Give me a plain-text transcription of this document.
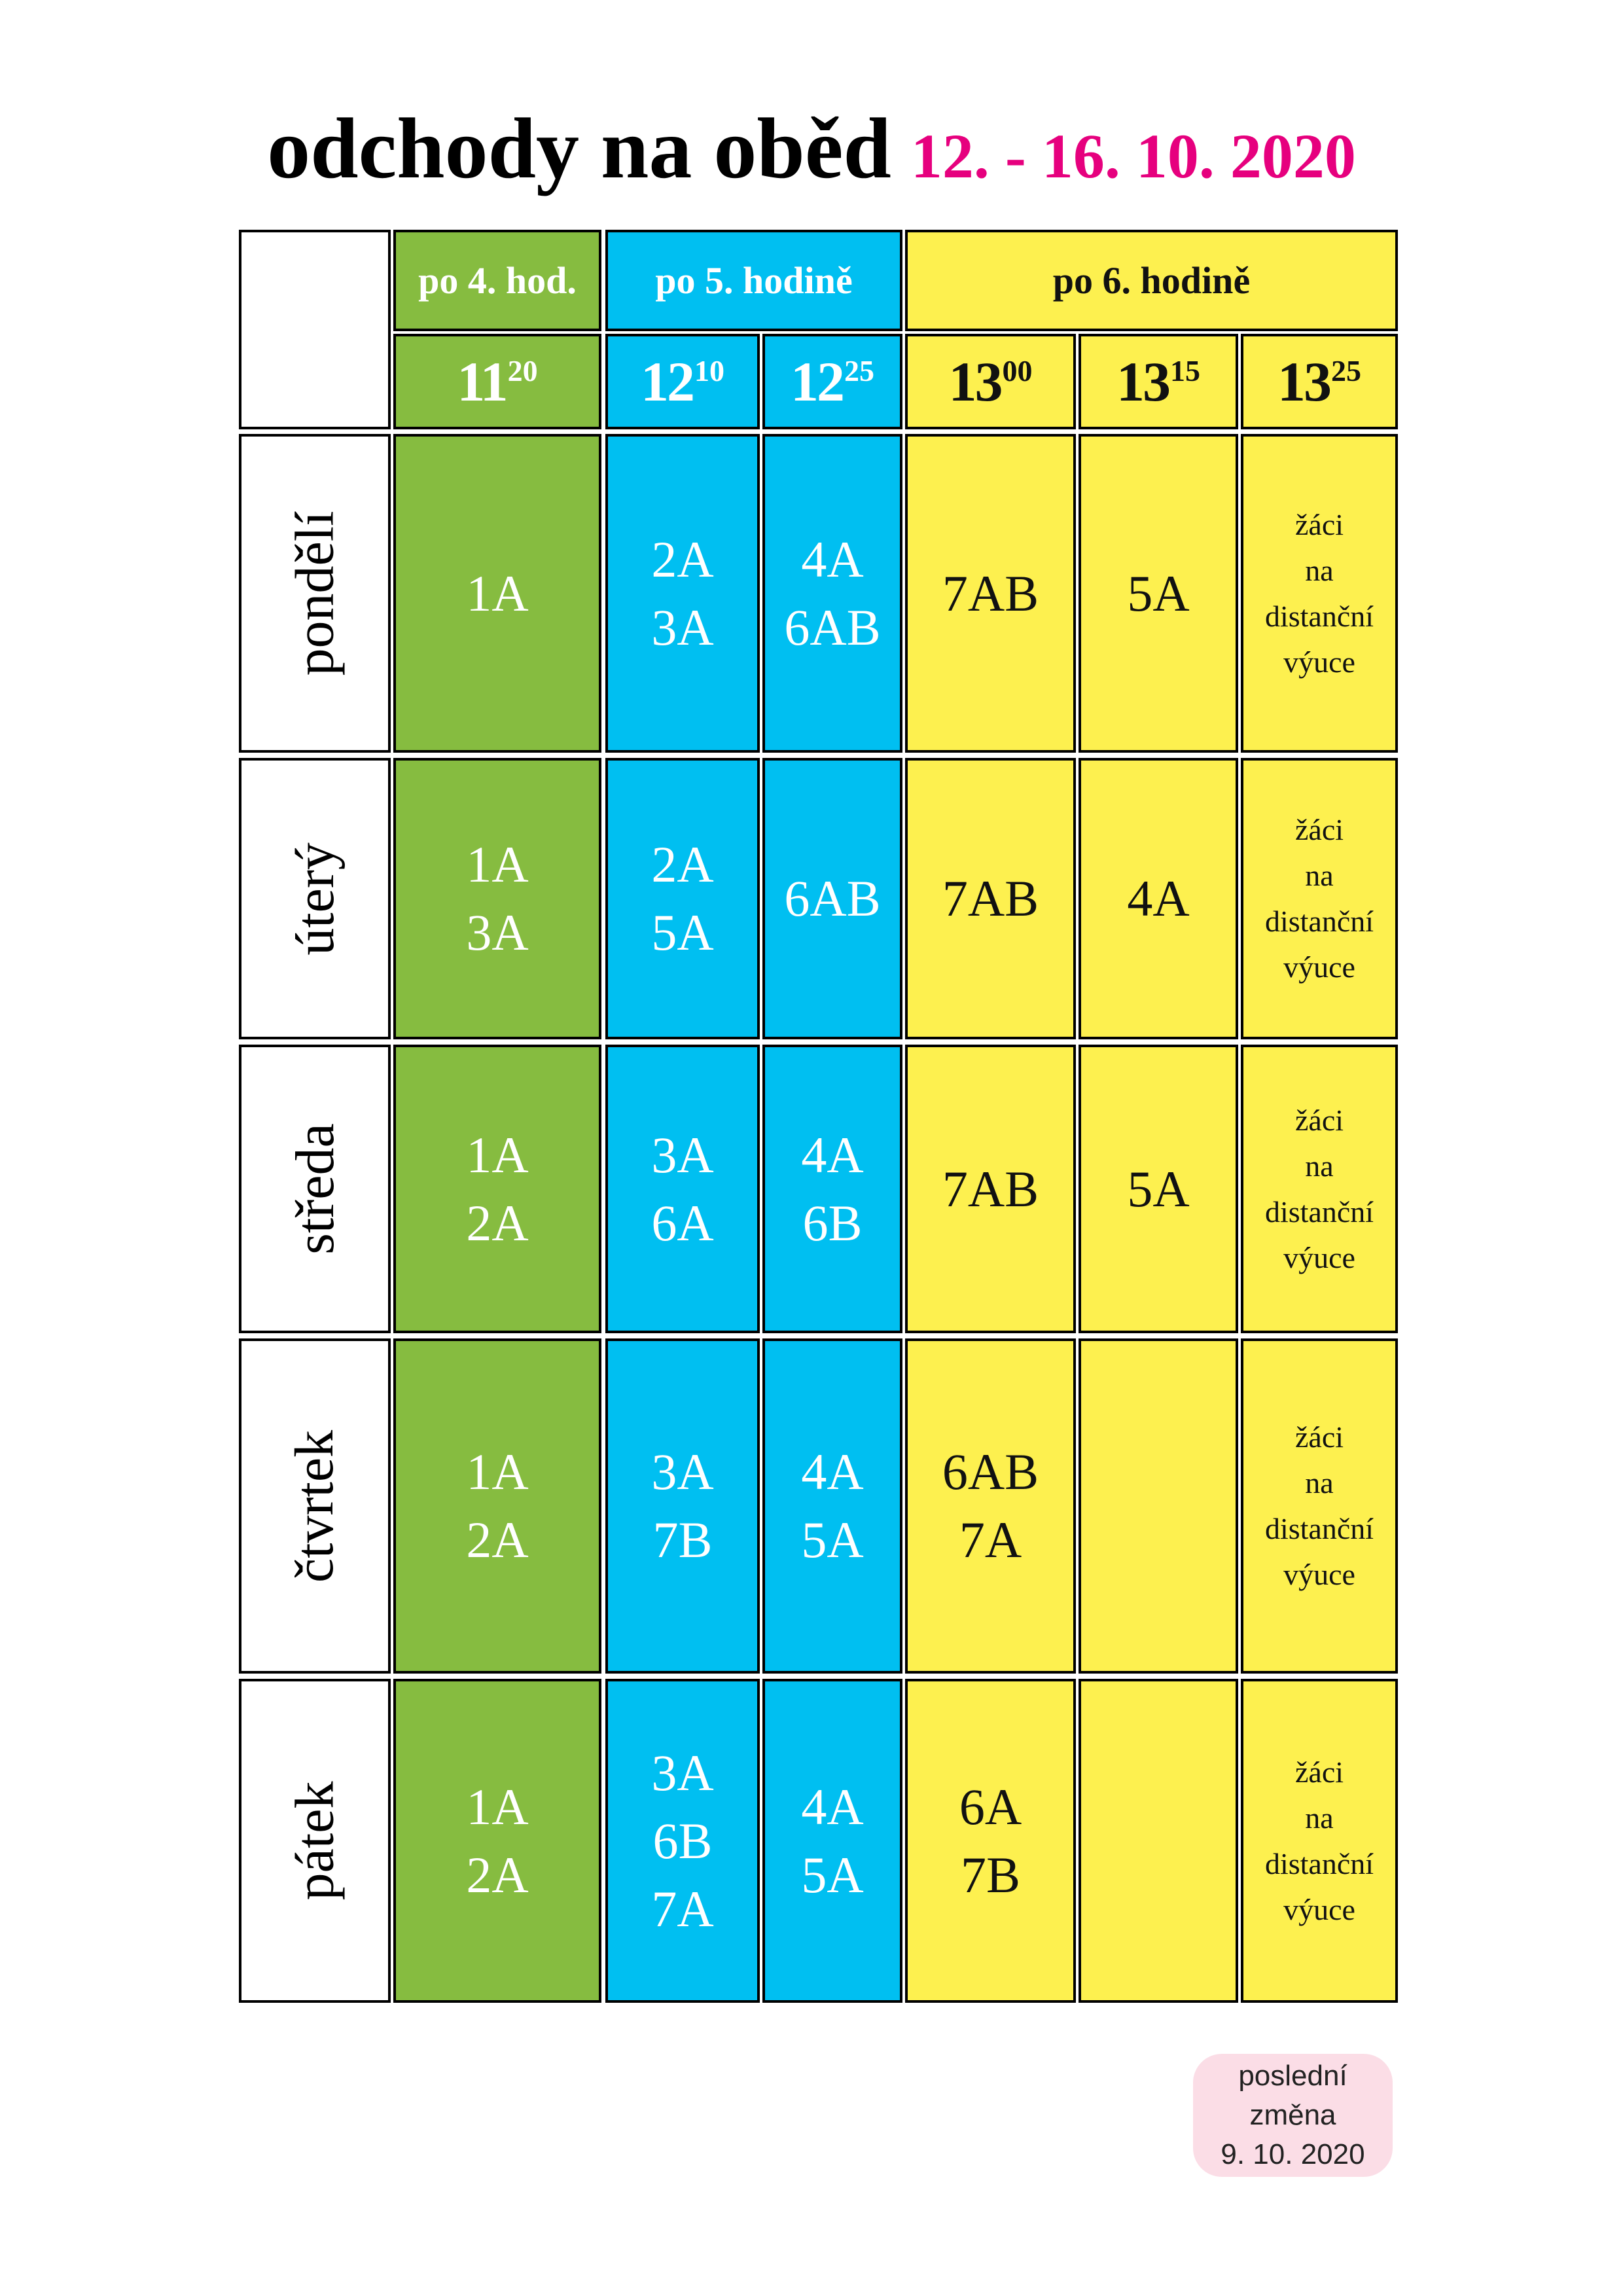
odchody na oběd 12. - 16. 10. 2020
po 4. hod. po 5. hodině	po 6. hodině
$11^{20}$ $12^{10}$ $12^{25}$ $13^{00}$ $13^{15}$ $13^{25}$
pondělí 1A
2A
3A
4A
6AB
7AB 5A
žáci
na
distanční
výuce
úterý 1A
3A
2A
5A
6AB 7AB 4A
žáci
na
distanční
výuce
středa 1A
2A
3A
6A
4A
6B
7AB 5A
žáci
na
distanční
výuce
čtvrtek 1A
2A
3A
7B
4A
5A
6AB
7A
žáci
na
distanční
výuce
pátek 1A
2A
3A
6B
7A
4A
5A
6A
7B
žáci
na
distanční
výuce
poslední
změna
9. 10. 2020
